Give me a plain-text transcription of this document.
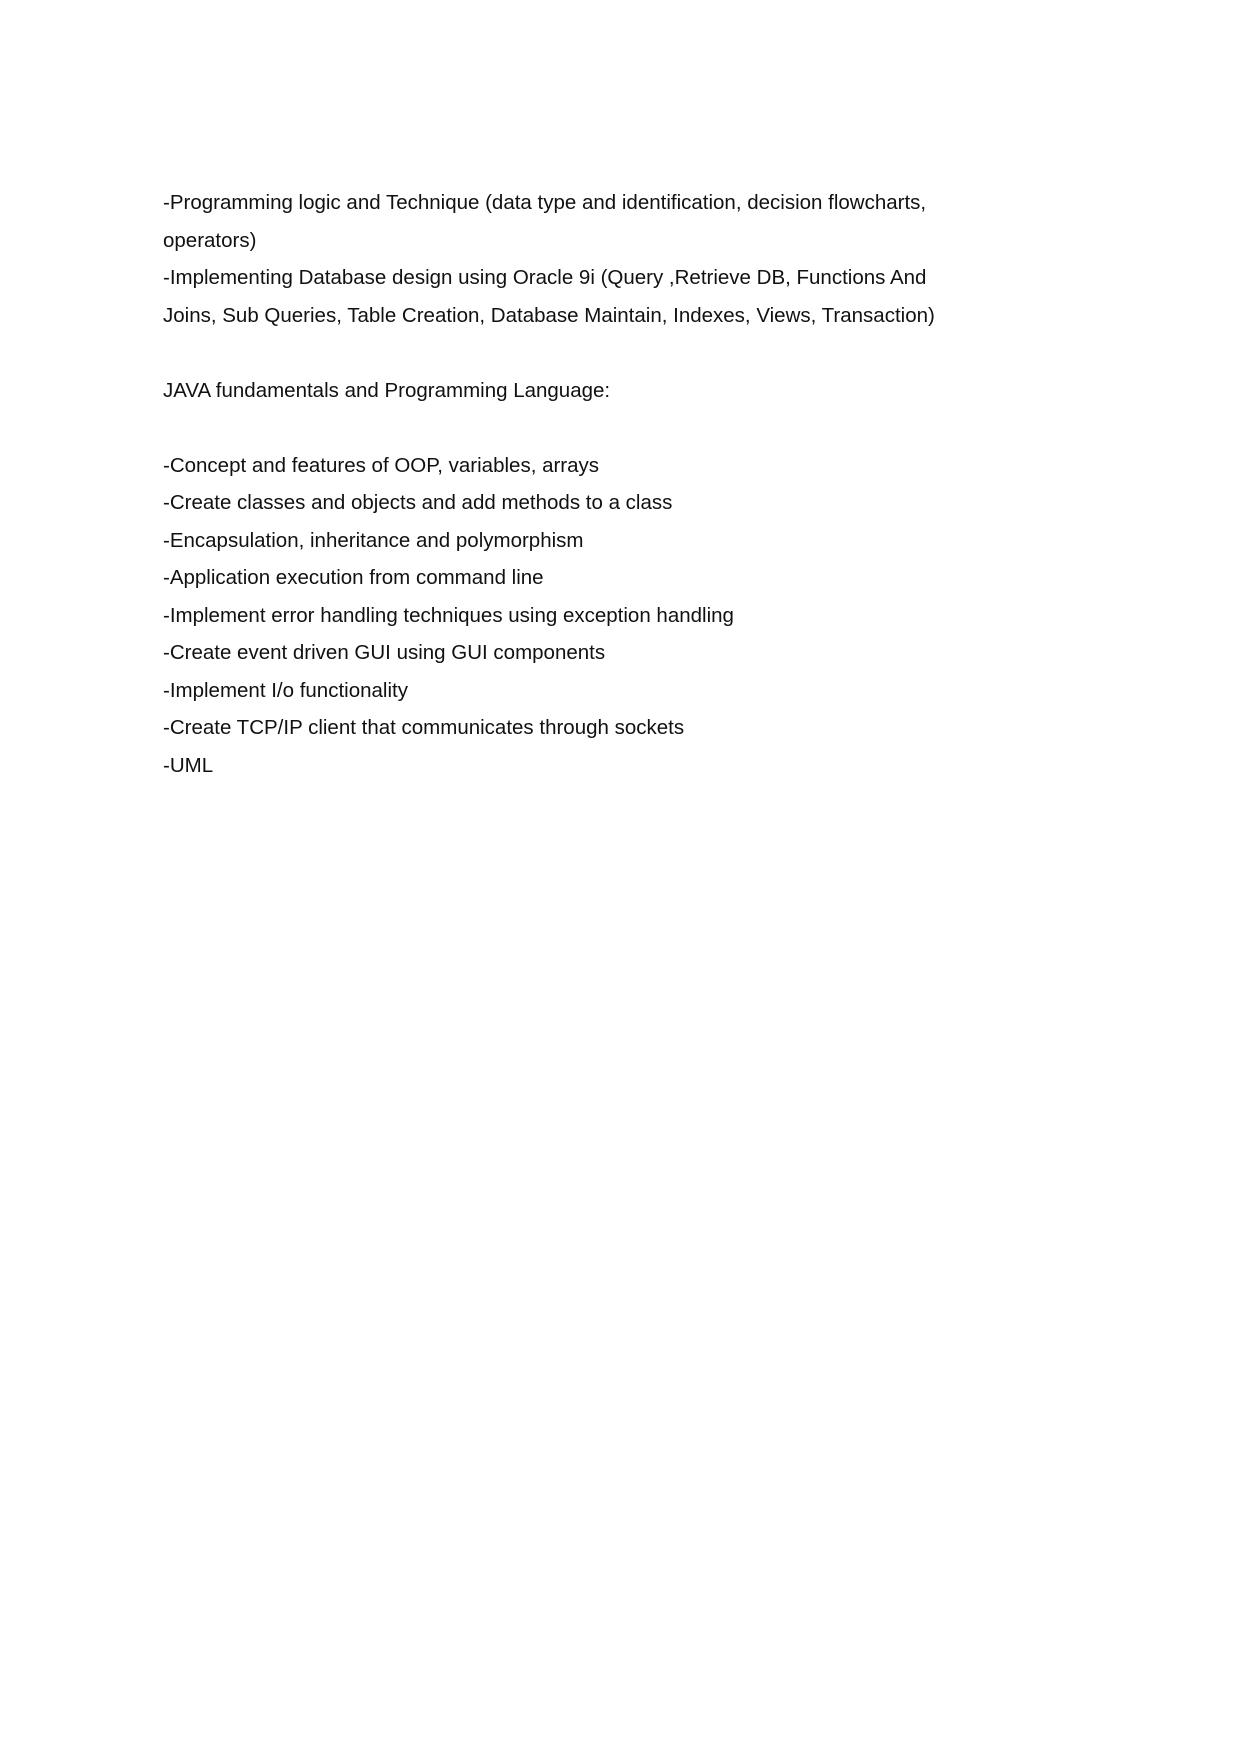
-Programming logic and Technique (data type and identification, decision flowcharts,
operators)
-Implementing Database design using Oracle 9i (Query ,Retrieve DB, Functions And
Joins, Sub Queries, Table Creation, Database Maintain, Indexes, Views, Transaction)
JAVA fundamentals and Programming Language:
-Concept and features of OOP, variables, arrays
-Create classes and objects and add methods to a class
-Encapsulation, inheritance and polymorphism
-Application execution from command line
-Implement error handling techniques using exception handling
-Create event driven GUI using GUI components
-Implement I/o functionality
-Create TCP/IP client that communicates through sockets
-UML
